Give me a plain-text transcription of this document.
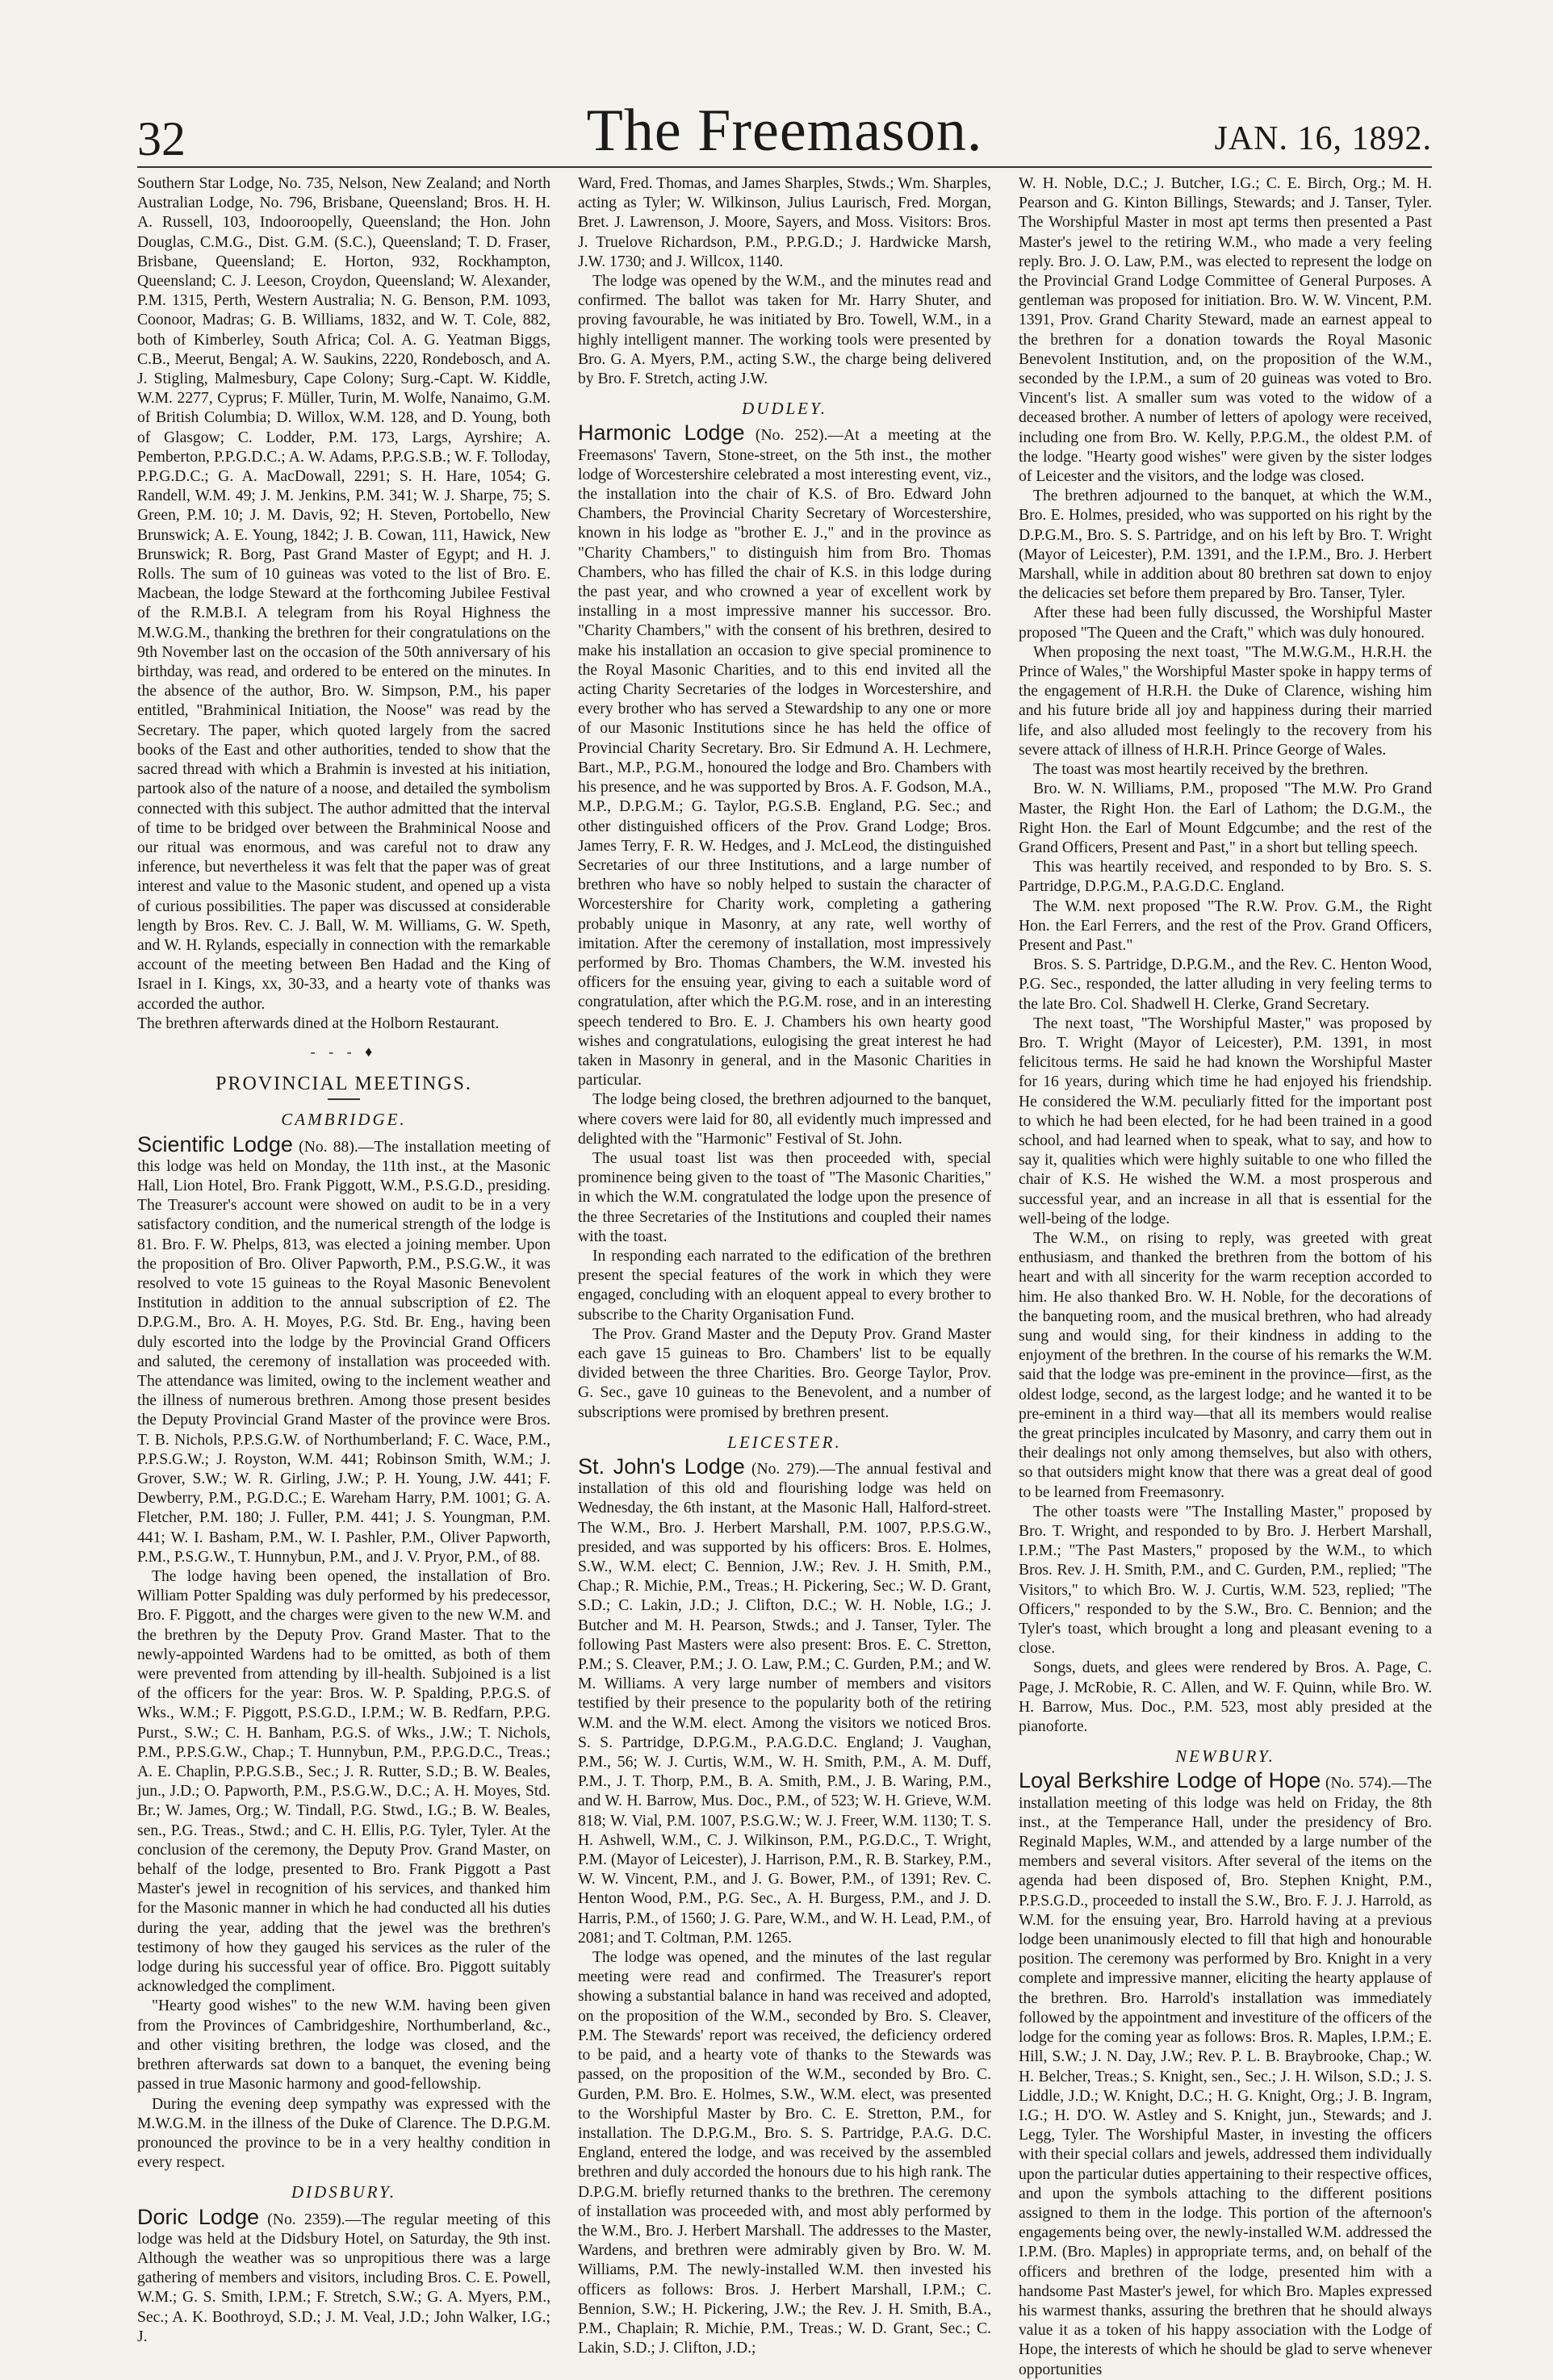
32	The Freemason.	JAN. 16, 1892.

Southern Star Lodge, No. 735, Nelson, New Zealand; and North Australian Lodge, No. 796, Brisbane, Queensland; Bros. H. H. A. Russell, 103, Indooroopelly, Queensland; the Hon. John Douglas, C.M.G., Dist. G.M. (S.C.), Queensland; T. D. Fraser, Brisbane, Queensland; E. Horton, 932, Rockhampton, Queensland; C. J. Leeson, Croydon, Queensland; W. Alexander, P.M. 1315, Perth, Western Australia; N. G. Benson, P.M. 1093, Coonoor, Madras; G. B. Williams, 1832, and W. T. Cole, 882, both of Kimberley, South Africa; Col. A. G. Yeatman Biggs, C.B., Meerut, Bengal; A. W. Saukins, 2220, Rondebosch, and A. J. Stigling, Malmesbury, Cape Colony; Surg.-Capt. W. Kiddle, W.M. 2277, Cyprus; F. Müller, Turin, M. Wolfe, Nanaimo, G.M. of British Columbia; D. Willox, W.M. 128, and D. Young, both of Glasgow; C. Lodder, P.M. 173, Largs, Ayrshire; A. Pemberton, P.P.G.D.C.; A. W. Adams, P.P.G.S.B.; W. F. Tolloday, P.P.G.D.C.; G. A. MacDowall, 2291; S. H. Hare, 1054; G. Randell, W.M. 49; J. M. Jenkins, P.M. 341; W. J. Sharpe, 75; S. Green, P.M. 10; J. M. Davis, 92; H. Steven, Portobello, New Brunswick; A. E. Young, 1842; J. B. Cowan, 111, Hawick, New Brunswick; R. Borg, Past Grand Master of Egypt; and H. J. Rolls. The sum of 10 guineas was voted to the list of Bro. E. Macbean, the lodge Steward at the forthcoming Jubilee Festival of the R.M.B.I. A telegram from his Royal Highness the M.W.G.M., thanking the brethren for their congratulations on the 9th November last on the occasion of the 50th anniversary of his birthday, was read, and ordered to be entered on the minutes. In the absence of the author, Bro. W. Simpson, P.M., his paper entitled, "Brahminical Initiation, the Noose" was read by the Secretary. The paper, which quoted largely from the sacred books of the East and other authorities, tended to show that the sacred thread with which a Brahmin is invested at his initiation, partook also of the nature of a noose, and detailed the symbolism connected with this subject. The author admitted that the interval of time to be bridged over between the Brahminical Noose and our ritual was enormous, and was careful not to draw any inference, but nevertheless it was felt that the paper was of great interest and value to the Masonic student, and opened up a vista of curious possibilities. The paper was discussed at considerable length by Bros. Rev. C. J. Ball, W. M. Williams, G. W. Speth, and W. H. Rylands, especially in connection with the remarkable account of the meeting between Ben Hadad and the King of Israel in I. Kings, xx, 30-33, and a hearty vote of thanks was accorded the author.

The brethren afterwards dined at the Holborn Restaurant.

- - - ♦
PROVINCIAL MEETINGS.
CAMBRIDGE.

Scientific Lodge (No. 88).—The installation meeting of this lodge was held on Monday, the 11th inst., at the Masonic Hall, Lion Hotel, Bro. Frank Piggott, W.M., P.S.G.D., presiding. The Treasurer's account were showed on audit to be in a very satisfactory condition, and the numerical strength of the lodge is 81. Bro. F. W. Phelps, 813, was elected a joining member. Upon the proposition of Bro. Oliver Papworth, P.M., P.S.G.W., it was resolved to vote 15 guineas to the Royal Masonic Benevolent Institution in addition to the annual subscription of £2. The D.P.G.M., Bro. A. H. Moyes, P.G. Std. Br. Eng., having been duly escorted into the lodge by the Provincial Grand Officers and saluted, the ceremony of installation was proceeded with. The attendance was limited, owing to the inclement weather and the illness of numerous brethren. Among those present besides the Deputy Provincial Grand Master of the province were Bros. T. B. Nichols, P.P.S.G.W. of Northumberland; F. C. Wace, P.M., P.P.S.G.W.; J. Royston, W.M. 441; Robinson Smith, W.M.; J. Grover, S.W.; W. R. Girling, J.W.; P. H. Young, J.W. 441; F. Dewberry, P.M., P.G.D.C.; E. Wareham Harry, P.M. 1001; G. A. Fletcher, P.M. 180; J. Fuller, P.M. 441; J. S. Youngman, P.M. 441; W. I. Basham, P.M., W. I. Pashler, P.M., Oliver Papworth, P.M., P.S.G.W., T. Hunnybun, P.M., and J. V. Pryor, P.M., of 88.

The lodge having been opened, the installation of Bro. William Potter Spalding was duly performed by his predecessor, Bro. F. Piggott, and the charges were given to the new W.M. and the brethren by the Deputy Prov. Grand Master. That to the newly-appointed Wardens had to be omitted, as both of them were prevented from attending by ill-health. Subjoined is a list of the officers for the year: Bros. W. P. Spalding, P.P.G.S. of Wks., W.M.; F. Piggott, P.S.G.D., I.P.M.; W. B. Redfarn, P.P.G. Purst., S.W.; C. H. Banham, P.G.S. of Wks., J.W.; T. Nichols, P.M., P.P.S.G.W., Chap.; T. Hunnybun, P.M., P.P.G.D.C., Treas.; A. E. Chaplin, P.P.G.S.B., Sec.; J. R. Rutter, S.D.; B. W. Beales, jun., J.D.; O. Papworth, P.M., P.S.G.W., D.C.; A. H. Moyes, Std. Br.; W. James, Org.; W. Tindall, P.G. Stwd., I.G.; B. W. Beales, sen., P.G. Treas., Stwd.; and C. H. Ellis, P.G. Tyler, Tyler. At the conclusion of the ceremony, the Deputy Prov. Grand Master, on behalf of the lodge, presented to Bro. Frank Piggott a Past Master's jewel in recognition of his services, and thanked him for the Masonic manner in which he had conducted all his duties during the year, adding that the jewel was the brethren's testimony of how they gauged his services as the ruler of the lodge during his successful year of office. Bro. Piggott suitably acknowledged the compliment.

"Hearty good wishes" to the new W.M. having been given from the Provinces of Cambridgeshire, Northumberland, &c., and other visiting brethren, the lodge was closed, and the brethren afterwards sat down to a banquet, the evening being passed in true Masonic harmony and good-fellowship.

During the evening deep sympathy was expressed with the M.W.G.M. in the illness of the Duke of Clarence. The D.P.G.M. pronounced the province to be in a very healthy condition in every respect.

DIDSBURY.

Doric Lodge (No. 2359).—The regular meeting of this lodge was held at the Didsbury Hotel, on Saturday, the 9th inst. Although the weather was so unpropitious there was a large gathering of members and visitors, including Bros. C. E. Powell, W.M.; G. S. Smith, I.P.M.; F. Stretch, S.W.; G. A. Myers, P.M., Sec.; A. K. Boothroyd, S.D.; J. M. Veal, J.D.; John Walker, I.G.; J.

Ward, Fred. Thomas, and James Sharples, Stwds.; Wm. Sharples, acting as Tyler; W. Wilkinson, Julius Laurisch, Fred. Morgan, Bret. J. Lawrenson, J. Moore, Sayers, and Moss. Visitors: Bros. J. Truelove Richardson, P.M., P.P.G.D.; J. Hardwicke Marsh, J.W. 1730; and J. Willcox, 1140.

The lodge was opened by the W.M., and the minutes read and confirmed. The ballot was taken for Mr. Harry Shuter, and proving favourable, he was initiated by Bro. Towell, W.M., in a highly intelligent manner. The working tools were presented by Bro. G. A. Myers, P.M., acting S.W., the charge being delivered by Bro. F. Stretch, acting J.W.

DUDLEY.

Harmonic Lodge (No. 252).—At a meeting at the Freemasons' Tavern, Stone-street, on the 5th inst., the mother lodge of Worcestershire celebrated a most interesting event, viz., the installation into the chair of K.S. of Bro. Edward John Chambers, the Provincial Charity Secretary of Worcestershire, known in his lodge as "brother E. J.," and in the province as "Charity Chambers," to distinguish him from Bro. Thomas Chambers, who has filled the chair of K.S. in this lodge during the past year, and who crowned a year of excellent work by installing in a most impressive manner his successor. Bro. "Charity Chambers," with the consent of his brethren, desired to make his installation an occasion to give special prominence to the Royal Masonic Charities, and to this end invited all the acting Charity Secretaries of the lodges in Worcestershire, and every brother who has served a Stewardship to any one or more of our Masonic Institutions since he has held the office of Provincial Charity Secretary. Bro. Sir Edmund A. H. Lechmere, Bart., M.P., P.G.M., honoured the lodge and Bro. Chambers with his presence, and he was supported by Bros. A. F. Godson, M.A., M.P., D.P.G.M.; G. Taylor, P.G.S.B. England, P.G. Sec.; and other distinguished officers of the Prov. Grand Lodge; Bros. James Terry, F. R. W. Hedges, and J. McLeod, the distinguished Secretaries of our three Institutions, and a large number of brethren who have so nobly helped to sustain the character of Worcestershire for Charity work, completing a gathering probably unique in Masonry, at any rate, well worthy of imitation. After the ceremony of installation, most impressively performed by Bro. Thomas Chambers, the W.M. invested his officers for the ensuing year, giving to each a suitable word of congratulation, after which the P.G.M. rose, and in an interesting speech tendered to Bro. E. J. Chambers his own hearty good wishes and congratulations, eulogising the great interest he had taken in Masonry in general, and in the Masonic Charities in particular.

The lodge being closed, the brethren adjourned to the banquet, where covers were laid for 80, all evidently much impressed and delighted with the "Harmonic" Festival of St. John.

The usual toast list was then proceeded with, special prominence being given to the toast of "The Masonic Charities," in which the W.M. congratulated the lodge upon the presence of the three Secretaries of the Institutions and coupled their names with the toast.

In responding each narrated to the edification of the brethren present the special features of the work in which they were engaged, concluding with an eloquent appeal to every brother to subscribe to the Charity Organisation Fund.

The Prov. Grand Master and the Deputy Prov. Grand Master each gave 15 guineas to Bro. Chambers' list to be equally divided between the three Charities. Bro. George Taylor, Prov. G. Sec., gave 10 guineas to the Benevolent, and a number of subscriptions were promised by brethren present.

LEICESTER.

St. John's Lodge (No. 279).—The annual festival and installation of this old and flourishing lodge was held on Wednesday, the 6th instant, at the Masonic Hall, Halford-street. The W.M., Bro. J. Herbert Marshall, P.M. 1007, P.P.S.G.W., presided, and was supported by his officers: Bros. E. Holmes, S.W., W.M. elect; C. Bennion, J.W.; Rev. J. H. Smith, P.M., Chap.; R. Michie, P.M., Treas.; H. Pickering, Sec.; W. D. Grant, S.D.; C. Lakin, J.D.; J. Clifton, D.C.; W. H. Noble, I.G.; J. Butcher and M. H. Pearson, Stwds.; and J. Tanser, Tyler. The following Past Masters were also present: Bros. E. C. Stretton, P.M.; S. Cleaver, P.M.; J. O. Law, P.M.; C. Gurden, P.M.; and W. M. Williams. A very large number of members and visitors testified by their presence to the popularity both of the retiring W.M. and the W.M. elect. Among the visitors we noticed Bros. S. S. Partridge, D.P.G.M., P.A.G.D.C. England; J. Vaughan, P.M., 56; W. J. Curtis, W.M., W. H. Smith, P.M., A. M. Duff, P.M., J. T. Thorp, P.M., B. A. Smith, P.M., J. B. Waring, P.M., and W. H. Barrow, Mus. Doc., P.M., of 523; W. H. Grieve, W.M. 818; W. Vial, P.M. 1007, P.S.G.W.; W. J. Freer, W.M. 1130; T. S. H. Ashwell, W.M., C. J. Wilkinson, P.M., P.G.D.C., T. Wright, P.M. (Mayor of Leicester), J. Harrison, P.M., R. B. Starkey, P.M., W. W. Vincent, P.M., and J. G. Bower, P.M., of 1391; Rev. C. Henton Wood, P.M., P.G. Sec., A. H. Burgess, P.M., and J. D. Harris, P.M., of 1560; J. G. Pare, W.M., and W. H. Lead, P.M., of 2081; and T. Coltman, P.M. 1265.

The lodge was opened, and the minutes of the last regular meeting were read and confirmed. The Treasurer's report showing a substantial balance in hand was received and adopted, on the proposition of the W.M., seconded by Bro. S. Cleaver, P.M. The Stewards' report was received, the deficiency ordered to be paid, and a hearty vote of thanks to the Stewards was passed, on the proposition of the W.M., seconded by Bro. C. Gurden, P.M. Bro. E. Holmes, S.W., W.M. elect, was presented to the Worshipful Master by Bro. C. E. Stretton, P.M., for installation. The D.P.G.M., Bro. S. S. Partridge, P.A.G. D.C. England, entered the lodge, and was received by the assembled brethren and duly accorded the honours due to his high rank. The D.P.G.M. briefly returned thanks to the brethren. The ceremony of installation was proceeded with, and most ably performed by the W.M., Bro. J. Herbert Marshall. The addresses to the Master, Wardens, and brethren were admirably given by Bro. W. M. Williams, P.M. The newly-installed W.M. then invested his officers as follows: Bros. J. Herbert Marshall, I.P.M.; C. Bennion, S.W.; H. Pickering, J.W.; the Rev. J. H. Smith, B.A., P.M., Chaplain; R. Michie, P.M., Treas.; W. D. Grant, Sec.; C. Lakin, S.D.; J. Clifton, J.D.;

W. H. Noble, D.C.; J. Butcher, I.G.; C. E. Birch, Org.; M. H. Pearson and G. Kinton Billings, Stewards; and J. Tanser, Tyler. The Worshipful Master in most apt terms then presented a Past Master's jewel to the retiring W.M., who made a very feeling reply. Bro. J. O. Law, P.M., was elected to represent the lodge on the Provincial Grand Lodge Committee of General Purposes. A gentleman was proposed for initiation. Bro. W. W. Vincent, P.M. 1391, Prov. Grand Charity Steward, made an earnest appeal to the brethren for a donation towards the Royal Masonic Benevolent Institution, and, on the proposition of the W.M., seconded by the I.P.M., a sum of 20 guineas was voted to Bro. Vincent's list. A smaller sum was voted to the widow of a deceased brother. A number of letters of apology were received, including one from Bro. W. Kelly, P.P.G.M., the oldest P.M. of the lodge. "Hearty good wishes" were given by the sister lodges of Leicester and the visitors, and the lodge was closed.

The brethren adjourned to the banquet, at which the W.M., Bro. E. Holmes, presided, who was supported on his right by the D.P.G.M., Bro. S. S. Partridge, and on his left by Bro. T. Wright (Mayor of Leicester), P.M. 1391, and the I.P.M., Bro. J. Herbert Marshall, while in addition about 80 brethren sat down to enjoy the delicacies set before them prepared by Bro. Tanser, Tyler.

After these had been fully discussed, the Worshipful Master proposed "The Queen and the Craft," which was duly honoured.

When proposing the next toast, "The M.W.G.M., H.R.H. the Prince of Wales," the Worshipful Master spoke in happy terms of the engagement of H.R.H. the Duke of Clarence, wishing him and his future bride all joy and happiness during their married life, and also alluded most feelingly to the recovery from his severe attack of illness of H.R.H. Prince George of Wales.

The toast was most heartily received by the brethren.

Bro. W. N. Williams, P.M., proposed "The M.W. Pro Grand Master, the Right Hon. the Earl of Lathom; the D.G.M., the Right Hon. the Earl of Mount Edgcumbe; and the rest of the Grand Officers, Present and Past," in a short but telling speech.

This was heartily received, and responded to by Bro. S. S. Partridge, D.P.G.M., P.A.G.D.C. England.

The W.M. next proposed "The R.W. Prov. G.M., the Right Hon. the Earl Ferrers, and the rest of the Prov. Grand Officers, Present and Past."

Bros. S. S. Partridge, D.P.G.M., and the Rev. C. Henton Wood, P.G. Sec., responded, the latter alluding in very feeling terms to the late Bro. Col. Shadwell H. Clerke, Grand Secretary.

The next toast, "The Worshipful Master," was proposed by Bro. T. Wright (Mayor of Leicester), P.M. 1391, in most felicitous terms. He said he had known the Worshipful Master for 16 years, during which time he had enjoyed his friendship. He considered the W.M. peculiarly fitted for the important post to which he had been elected, for he had been trained in a good school, and had learned when to speak, what to say, and how to say it, qualities which were highly suitable to one who filled the chair of K.S. He wished the W.M. a most prosperous and successful year, and an increase in all that is essential for the well-being of the lodge.

The W.M., on rising to reply, was greeted with great enthusiasm, and thanked the brethren from the bottom of his heart and with all sincerity for the warm reception accorded to him. He also thanked Bro. W. H. Noble, for the decorations of the banqueting room, and the musical brethren, who had already sung and would sing, for their kindness in adding to the enjoyment of the brethren. In the course of his remarks the W.M. said that the lodge was pre-eminent in the province—first, as the oldest lodge, second, as the largest lodge; and he wanted it to be pre-eminent in a third way—that all its members would realise the great principles inculcated by Masonry, and carry them out in their dealings not only among themselves, but also with others, so that outsiders might know that there was a great deal of good to be learned from Freemasonry.

The other toasts were "The Installing Master," proposed by Bro. T. Wright, and responded to by Bro. J. Herbert Marshall, I.P.M.; "The Past Masters," proposed by the W.M., to which Bros. Rev. J. H. Smith, P.M., and C. Gurden, P.M., replied; "The Visitors," to which Bro. W. J. Curtis, W.M. 523, replied; "The Officers," responded to by the S.W., Bro. C. Bennion; and the Tyler's toast, which brought a long and pleasant evening to a close.

Songs, duets, and glees were rendered by Bros. A. Page, C. Page, J. McRobie, R. C. Allen, and W. F. Quinn, while Bro. W. H. Barrow, Mus. Doc., P.M. 523, most ably presided at the pianoforte.

NEWBURY.

Loyal Berkshire Lodge of Hope (No. 574).—The installation meeting of this lodge was held on Friday, the 8th inst., at the Temperance Hall, under the presidency of Bro. Reginald Maples, W.M., and attended by a large number of the members and several visitors. After several of the items on the agenda had been disposed of, Bro. Stephen Knight, P.M., P.P.S.G.D., proceeded to install the S.W., Bro. F. J. J. Harrold, as W.M. for the ensuing year, Bro. Harrold having at a previous lodge been unanimously elected to fill that high and honourable position. The ceremony was performed by Bro. Knight in a very complete and impressive manner, eliciting the hearty applause of the brethren. Bro. Harrold's installation was immediately followed by the appointment and investiture of the officers of the lodge for the coming year as follows: Bros. R. Maples, I.P.M.; E. Hill, S.W.; J. N. Day, J.W.; Rev. P. L. B. Braybrooke, Chap.; W. H. Belcher, Treas.; S. Knight, sen., Sec.; J. H. Wilson, S.D.; J. S. Liddle, J.D.; W. Knight, D.C.; H. G. Knight, Org.; J. B. Ingram, I.G.; H. D'O. W. Astley and S. Knight, jun., Stewards; and J. Legg, Tyler. The Worshipful Master, in investing the officers with their special collars and jewels, addressed them individually upon the particular duties appertaining to their respective offices, and upon the symbols attaching to the different positions assigned to them in the lodge. This portion of the afternoon's engagements being over, the newly-installed W.M. addressed the I.P.M. (Bro. Maples) in appropriate terms, and, on behalf of the officers and brethren of the lodge, presented him with a handsome Past Master's jewel, for which Bro. Maples expressed his warmest thanks, assuring the brethren that he should always value it as a token of his happy association with the Lodge of Hope, the interests of which he should be glad to serve whenever opportunities
